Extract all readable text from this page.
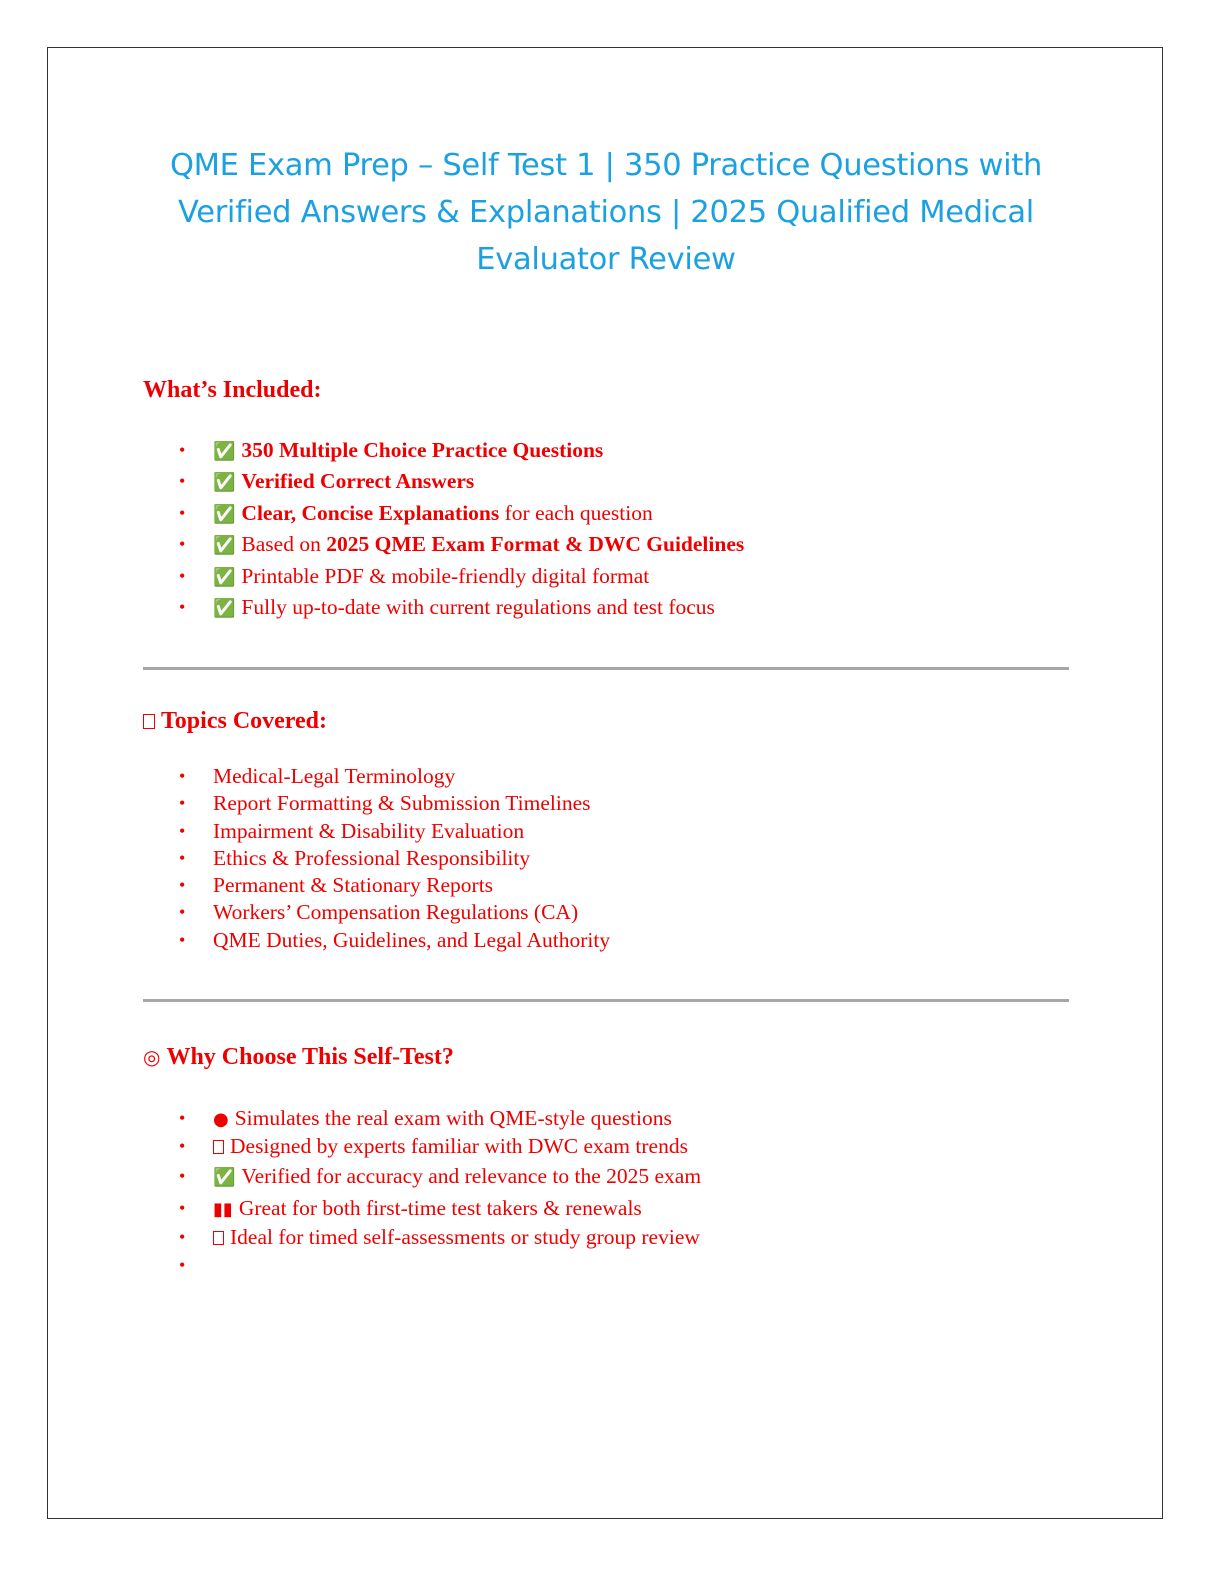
QME Exam Prep – Self Test 1 | 350 Practice Questions with Verified Answers & Explanations | 2025 Qualified Medical Evaluator Review
What’s Included:
• ✅ 350 Multiple Choice Practice Questions
• ✅ Verified Correct Answers
• ✅ Clear, Concise Explanations for each question
• ✅ Based on 2025 QME Exam Format & DWC Guidelines
• ✅ Printable PDF & mobile-friendly digital format
• ✅ Fully up-to-date with current regulations and test focus
Topics Covered:
• Medical-Legal Terminology
• Report Formatting & Submission Timelines
• Impairment & Disability Evaluation
• Ethics & Professional Responsibility
• Permanent & Stationary Reports
• Workers’ Compensation Regulations (CA)
• QME Duties, Guidelines, and Legal Authority
◎ Why Choose This Self-Test?
• ● Simulates the real exam with QME-style questions
• Designed by experts familiar with DWC exam trends
• ✅ Verified for accuracy and relevance to the 2025 exam
• ▮▮ Great for both first-time test takers & renewals
• Ideal for timed self-assessments or study group review
•
